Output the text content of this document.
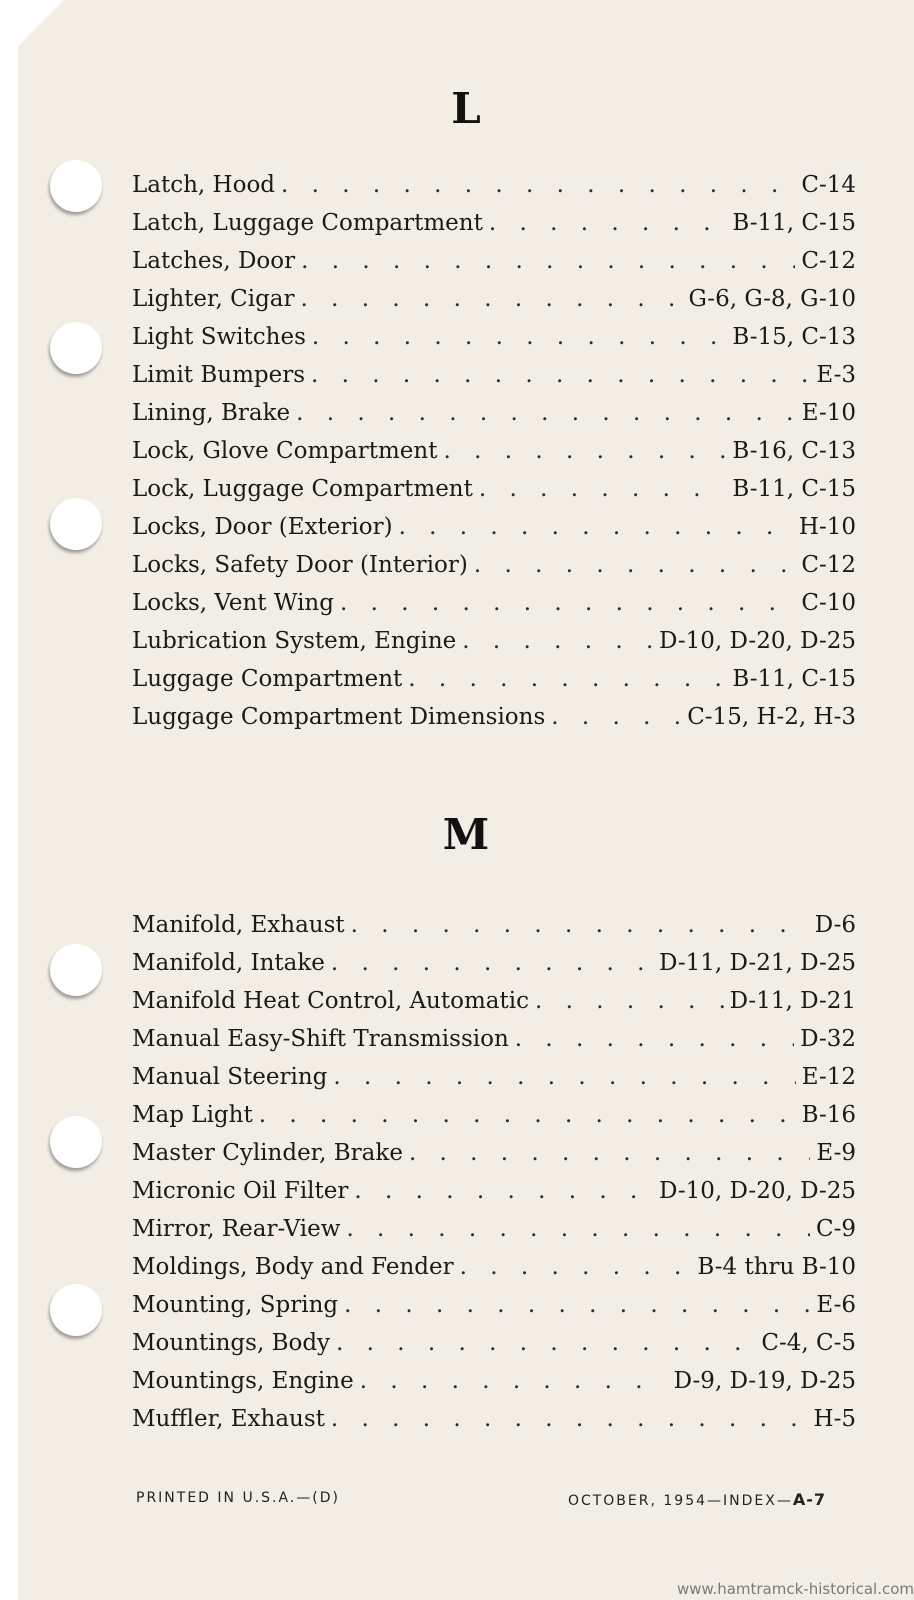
L
Latch, Hood . . .	C-14
Latch, Luggage Compartment . . .	B-11, C-15
Latches, Door . . .	C-12
Lighter, Cigar . . .	G-6, G-8, G-10
Light Switches . . .	B-15, C-13
Limit Bumpers . . .	E-3
Lining, Brake . . .	E-10
Lock, Glove Compartment . . .	B-16, C-13
Lock, Luggage Compartment . . .	B-11, C-15
Locks, Door (Exterior) . . .	H-10
Locks, Safety Door (Interior) . . .	C-12
Locks, Vent Wing . . .	C-10
Lubrication System, Engine . . .	D-10, D-20, D-25
Luggage Compartment . . .	B-11, C-15
Luggage Compartment Dimensions . . .	C-15, H-2, H-3
M
Manifold, Exhaust . . .	D-6
Manifold, Intake . . .	D-11, D-21, D-25
Manifold Heat Control, Automatic . . .	D-11, D-21
Manual Easy-Shift Transmission . . .	D-32
Manual Steering . . .	E-12
Map Light . . .	B-16
Master Cylinder, Brake . . .	E-9
Micronic Oil Filter . . .	D-10, D-20, D-25
Mirror, Rear-View . . .	C-9
Moldings, Body and Fender . . .	B-4 thru B-10
Mounting, Spring . . .	E-6
Mountings, Body . . .	C-4, C-5
Mountings, Engine . . .	D-9, D-19, D-25
Muffler, Exhaust . . .	H-5
PRINTED IN U.S.A.—(D)	OCTOBER, 1954—INDEX—A-7
www.hamtramck-historical.com
